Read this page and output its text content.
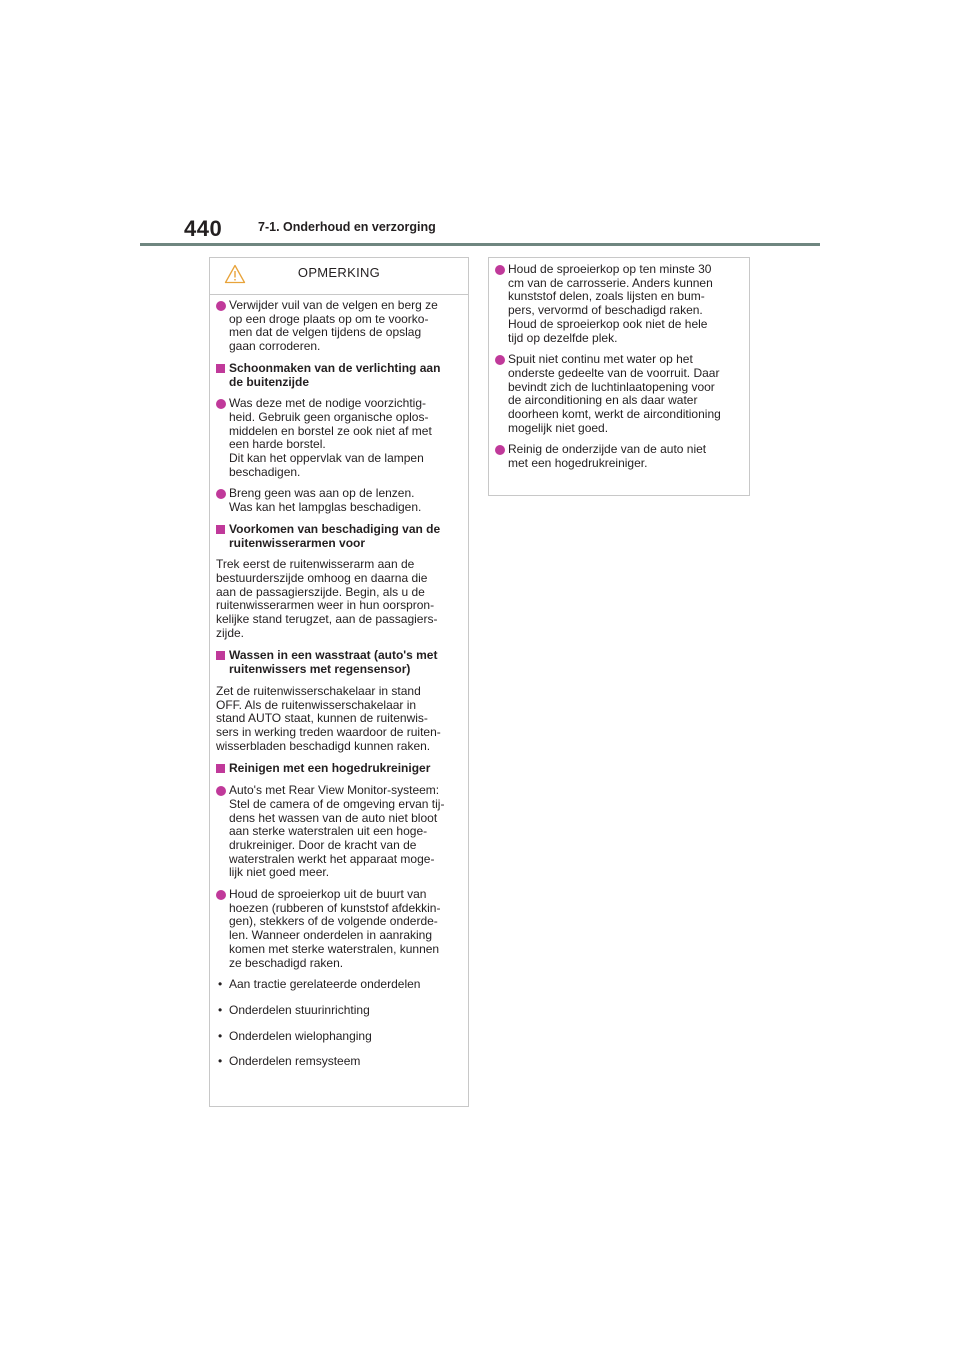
440	7-1. Onderhoud en verzorging
OPMERKING
Verwijder vuil van de velgen en berg ze
op een droge plaats op om te voorko-
men dat de velgen tijdens de opslag
gaan corroderen.
Schoonmaken van de verlichting aan
de buitenzijde
Was deze met de nodige voorzichtig-
heid. Gebruik geen organische oplos-
middelen en borstel ze ook niet af met
een harde borstel.
Dit kan het oppervlak van de lampen
beschadigen.
Breng geen was aan op de lenzen.
Was kan het lampglas beschadigen.
Voorkomen van beschadiging van de
ruitenwisserarmen voor
Trek eerst de ruitenwisserarm aan de
bestuurderszijde omhoog en daarna die
aan de passagierszijde. Begin, als u de
ruitenwisserarmen weer in hun oorspron-
kelijke stand terugzet, aan de passagiers-
zijde.
Wassen in een wasstraat (auto's met
ruitenwissers met regensensor)
Zet de ruitenwisserschakelaar in stand
OFF. Als de ruitenwisserschakelaar in
stand AUTO staat, kunnen de ruitenwis-
sers in werking treden waardoor de ruiten-
wisserbladen beschadigd kunnen raken.
Reinigen met een hogedrukreiniger
Auto's met Rear View Monitor-systeem:
Stel de camera of de omgeving ervan tij-
dens het wassen van de auto niet bloot
aan sterke waterstralen uit een hoge-
drukreiniger. Door de kracht van de
waterstralen werkt het apparaat moge-
lijk niet goed meer.
Houd de sproeierkop uit de buurt van
hoezen (rubberen of kunststof afdekkin-
gen), stekkers of de volgende onderde-
len. Wanneer onderdelen in aanraking
komen met sterke waterstralen, kunnen
ze beschadigd raken.
• Aan tractie gerelateerde onderdelen
• Onderdelen stuurinrichting
• Onderdelen wielophanging
• Onderdelen remsysteem
Houd de sproeierkop op ten minste 30
cm van de carrosserie. Anders kunnen
kunststof delen, zoals lijsten en bum-
pers, vervormd of beschadigd raken.
Houd de sproeierkop ook niet de hele
tijd op dezelfde plek.
Spuit niet continu met water op het
onderste gedeelte van de voorruit. Daar
bevindt zich de luchtinlaatopening voor
de airconditioning en als daar water
doorheen komt, werkt de airconditioning
mogelijk niet goed.
Reinig de onderzijde van de auto niet
met een hogedrukreiniger.
